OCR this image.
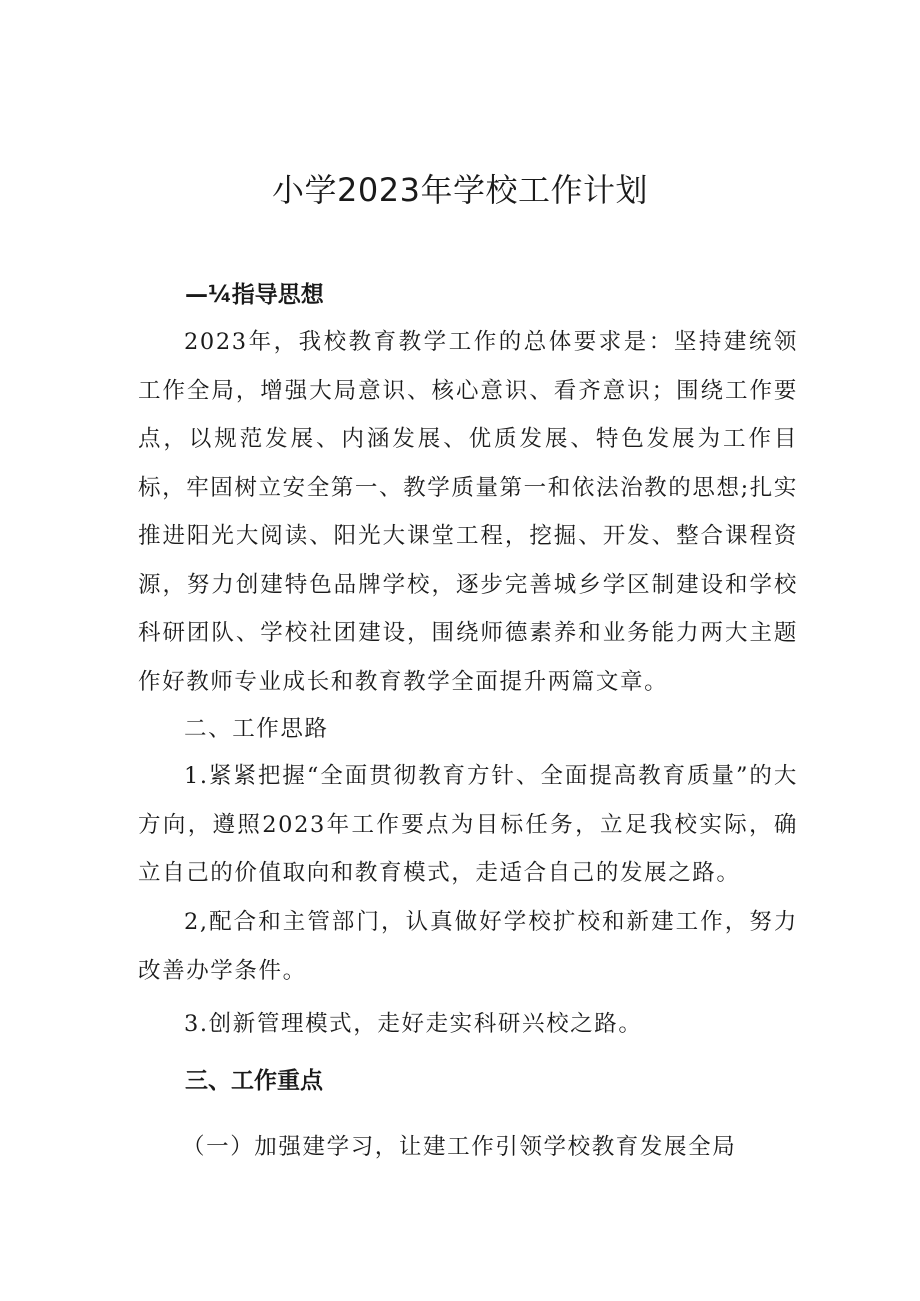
小学2023年学校工作计划
—¼指导思想

2023年，我校教育教学工作的总体要求是：坚持建统领工作全局，增强大局意识、核心意识、看齐意识；围绕工作要点，以规范发展、内涵发展、优质发展、特色发展为工作目标，牢固树立安全第一、教学质量第一和依法治教的思想;扎实推进阳光大阅读、阳光大课堂工程，挖掘、开发、整合课程资源，努力创建特色品牌学校，逐步完善城乡学区制建设和学校科研团队、学校社团建设，围绕师德素养和业务能力两大主题作好教师专业成长和教育教学全面提升两篇文章。

二、工作思路

1.紧紧把握“全面贯彻教育方针、全面提高教育质量”的大方向，遵照2023年工作要点为目标任务，立足我校实际，确立自己的价值取向和教育模式，走适合自己的发展之路。

2,配合和主管部门，认真做好学校扩校和新建工作，努力改善办学条件。

3.创新管理模式，走好走实科研兴校之路。

三、工作重点

（一）加强建学习，让建工作引领学校教育发展全局
